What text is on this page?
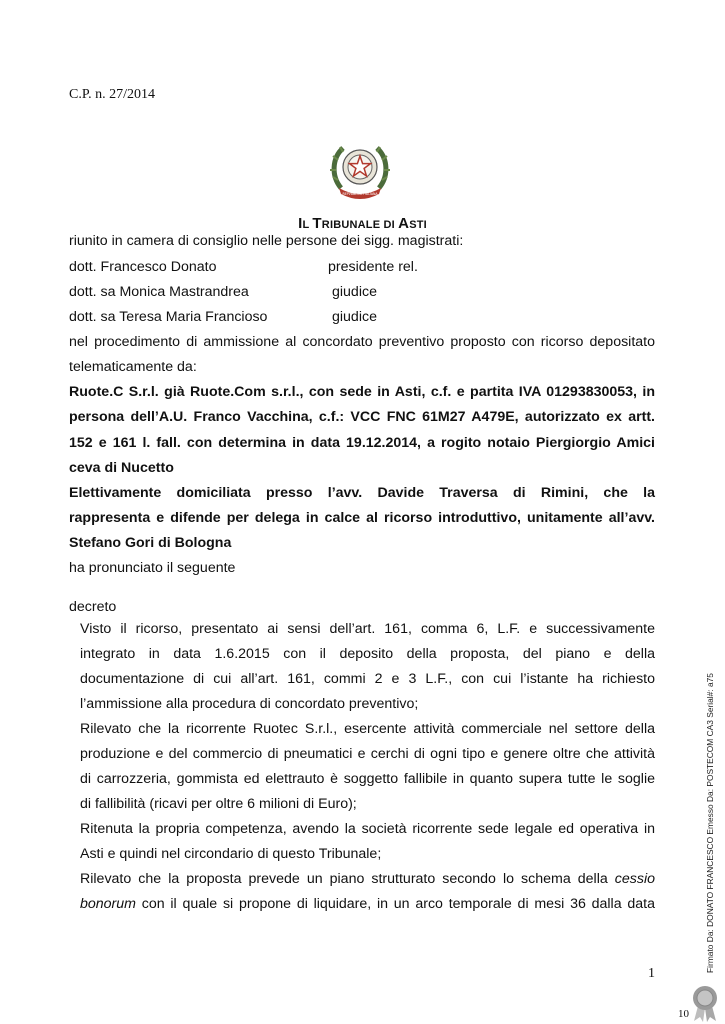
C.P. n. 27/2014
REPVBBLICA ITALIANA
IL TRIBUNALE DI ASTI
riunito in camera di consiglio nelle persone dei sigg. magistrati:
dott. Francesco Donato	presidente rel.
dott. sa Monica Mastrandrea	giudice
dott. sa Teresa Maria Francioso	giudice
nel procedimento di ammissione al concordato preventivo proposto con ricorso depositato
telematicamente da:
Ruote.C S.r.l. già Ruote.Com s.r.l., con sede in Asti, c.f. e partita IVA 01293830053, in
persona dell’A.U. Franco Vacchina, c.f.: VCC FNC 61M27 A479E, autorizzato ex artt.
152 e 161 l. fall. con determina in data 19.12.2014, a rogito notaio Piergiorgio Amici
ceva di Nucetto
Elettivamente domiciliata presso l’avv. Davide Traversa di Rimini, che la
rappresenta e difende per delega in calce al ricorso introduttivo, unitamente all’avv.
Stefano Gori di Bologna
ha pronunciato il seguente
decreto
Visto il ricorso, presentato ai sensi dell’art. 161, comma 6, L.F. e successivamente
integrato in data 1.6.2015 con il deposito della proposta, del piano e della
documentazione di cui all’art. 161, commi 2 e 3 L.F., con cui l’istante ha richiesto
l’ammissione alla procedura di concordato preventivo;
Rilevato che la ricorrente Ruotec S.r.l., esercente attività commerciale nel settore della
produzione e del commercio di pneumatici e cerchi di ogni tipo e genere oltre che attività
di carrozzeria, gommista ed elettrauto è soggetto fallibile in quanto supera tutte le soglie
di fallibilità (ricavi per oltre 6 milioni di Euro);
Ritenuta la propria competenza, avendo la società ricorrente sede legale ed operativa in
Asti e quindi nel circondario di questo Tribunale;
Rilevato che la proposta prevede un piano strutturato secondo lo schema della cessio
bonorum con il quale si propone di liquidare, in un arco temporale di mesi 36 dalla data
1
Firmato Da: DONATO FRANCESCO Emesso Da: POSTECOM CA3 Serial#: a75
10
